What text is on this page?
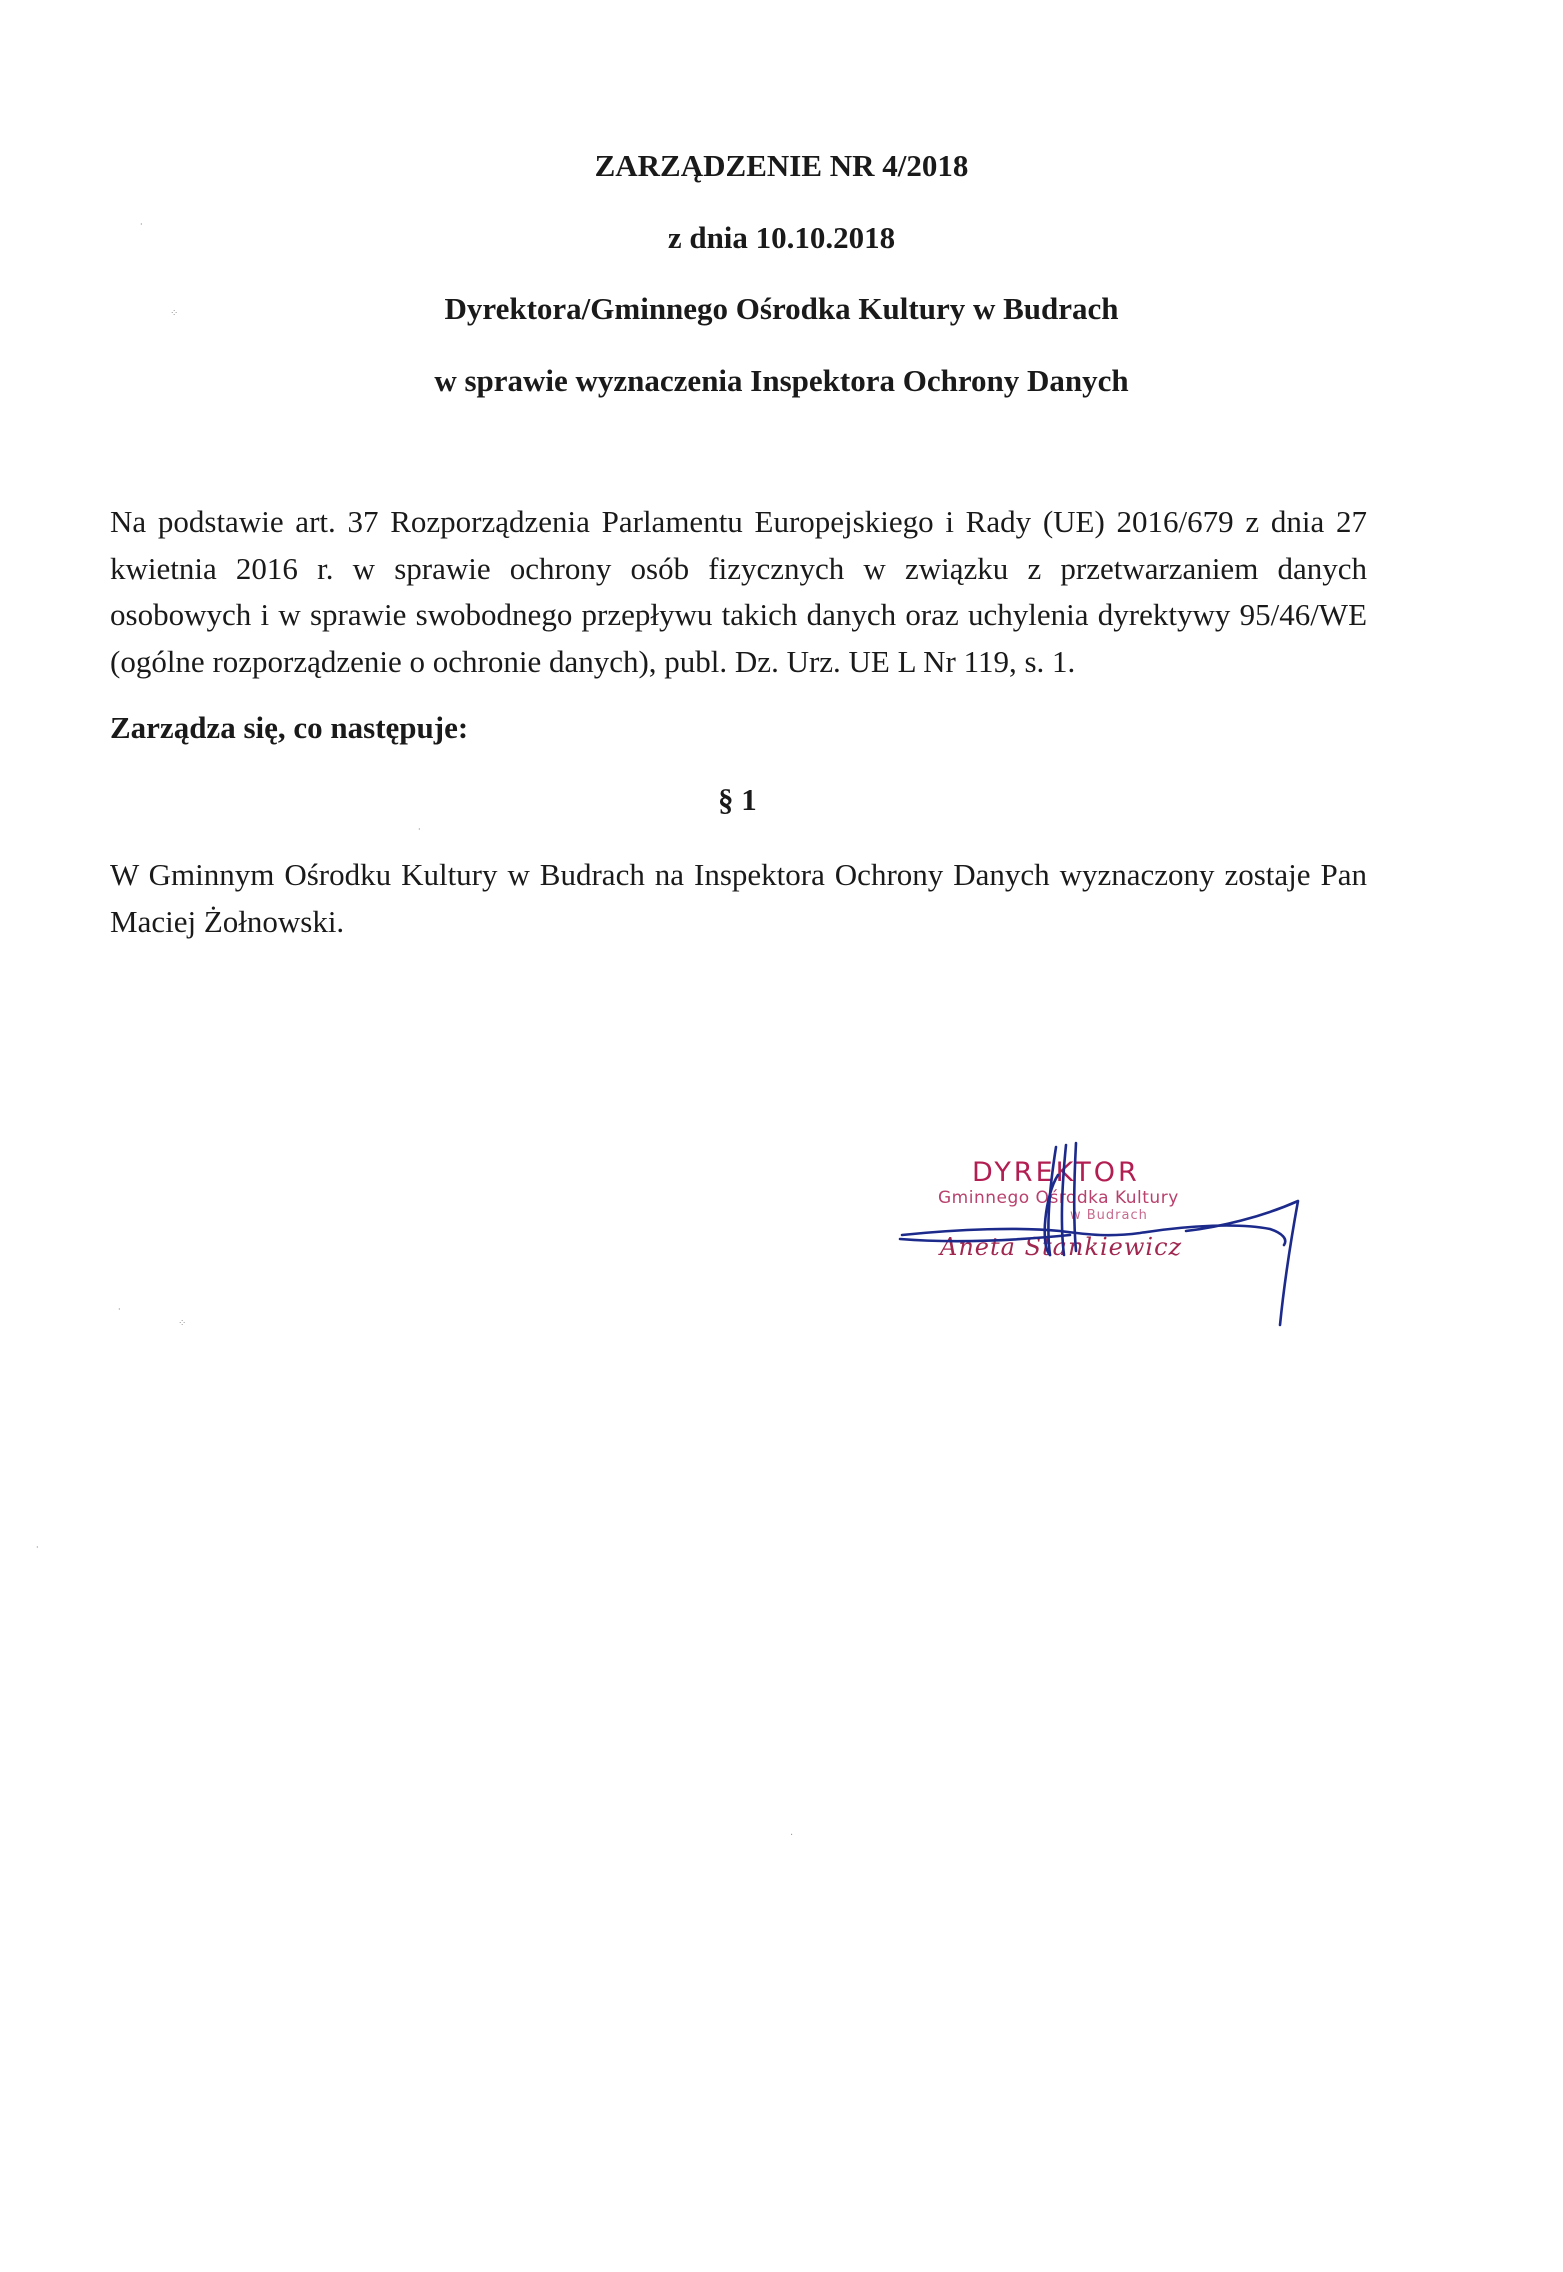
ZARZĄDZENIE NR 4/2018
z dnia 10.10.2018
Dyrektora/Gminnego Ośrodka Kultury w Budrach
w sprawie wyznaczenia Inspektora Ochrony Danych
Na podstawie art. 37 Rozporządzenia Parlamentu Europejskiego i Rady (UE) 2016/679 z dnia 27 kwietnia 2016 r. w sprawie ochrony osób fizycznych w związku z przetwarzaniem danych osobowych i w sprawie swobodnego przepływu takich danych oraz uchylenia dyrektywy 95/46/WE (ogólne rozporządzenie o ochronie danych), publ. Dz. Urz. UE L Nr 119, s. 1.
Zarządza się, co następuje:
§ 1
W Gminnym Ośrodku Kultury w Budrach na Inspektora Ochrony Danych wyznaczony zostaje Pan Maciej Żołnowski.
DYREKTOR
Gminnego Ośrodka Kultury
w Budrach
Aneta Stankiewicz
⸳
⁘
⸳
⸳
⁘
⸳
·
